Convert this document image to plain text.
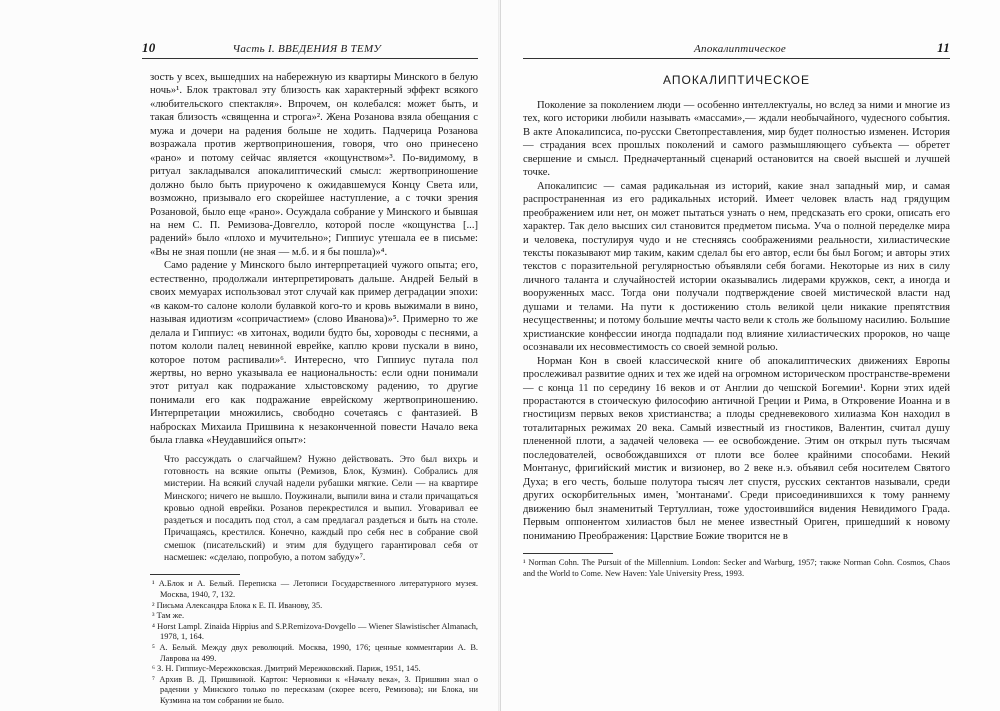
10	Часть I. ВВЕДЕНИЯ В ТЕМУ

зость у всех, вышедших на набережную из квартиры Минского в белую ночь»¹. Блок трактовал эту близость как характерный эффект всякого «любительского спектакля». Впрочем, он колебался: может быть, и такая близость «священна и строга»². Жена Розанова взяла обещания с мужа и дочери на радения больше не ходить. Падчерица Розанова возражала против жертвоприношения, говоря, что оно принесено «рано» и потому сейчас является «кощунством»³. По-видимому, в ритуал закладывался апокалиптический смысл: жертвоприношение должно было быть приурочено к ожидавшемуся Концу Света или, возможно, призывало его скорейшее наступление, а с точки зрения Розановой, было еще «рано». Осуждала собрание у Минского и бывшая на нем С. П. Ремизова-Довгелло, которой после «кощунства [...] радений» было «плохо и мучительно»; Гиппиус утешала ее в письме: «Вы не зная пошли (не зная — м.б. и я бы пошла)»⁴.

Само радение у Минского было интерпретацией чужого опыта; его, естественно, продолжали интерпретировать дальше. Андрей Белый в своих мемуарах использовал этот случай как пример деградации эпохи: «в каком-то салоне кололи булавкой кого-то и кровь выжимали в вино, называя идиотизм «сопричастием» (слово Иванова)»⁵. Примерно то же делала и Гиппиус: «в хитонах, водили будто бы, хороводы с песнями, а потом кололи палец невинной еврейке, каплю крови пускали в вино, которое потом распивали»⁶. Интересно, что Гиппиус путала пол жертвы, но верно указывала ее национальность: если одни понимали этот ритуал как подражание хлыстовскому радению, то другие понимали его как подражание еврейскому жертвоприношению. Интерпретации множились, свободно сочетаясь с фантазией. В набросках Михаила Пришвина к незаконченной повести Начало века была главка «Неудавшийся опыт»:

Что рассуждать о слагчайшем? Нужно действовать. Это был вихрь и готовность на всякие опыты (Ремизов, Блок, Кузмин). Собрались для мистерии. На всякий случай надели рубашки мягкие. Сели — на квартире Минского; ничего не вышло. Поужинали, выпили вина и стали причащаться кровью одной еврейки. Розанов перекрестился и выпил. Уговаривал ее раздеться и посадить под стол, а сам предлагал раздеться и быть на столе. Причащаясь, крестился. Конечно, каждый про себя нес в собрание свой смешок (писательский) и этим для будущего гарантировал себя от насмешек: «сделаю, попробую, а потом забуду»⁷.

¹ А.Блок и А. Белый. Переписка — Летописи Государственного литературного музея. Москва, 1940, 7, 132.
² Письма Александра Блока к Е. П. Иванову, 35.
³ Там же.
⁴ Horst Lampl. Zinaida Hippius and S.P.Remizova-Dovgello — Wiener Slawistischer Almanach, 1978, 1, 164.
⁵ А. Белый. Между двух революций. Москва, 1990, 176; ценные комментарии А. В. Лаврова на 499.
⁶ З. Н. Гиппиус-Мережковская. Дмитрий Мережковский. Париж, 1951, 145.
⁷ Архив В. Д. Пришвиной. Картон: Черновики к «Началу века», 3. Пришвин знал о радении у Минского только по пересказам (скорее всего, Ремизова); ни Блока, ни Кузмина на том собрании не было.
Апокалиптическое	11
АПОКАЛИПТИЧЕСКОЕ

Поколение за поколением люди — особенно интеллектуалы, но вслед за ними и многие из тех, кого историки любили называть «массами»,— ждали необычайного, чудесного события. В акте Апокалипсиса, по-русски Светопреставления, мир будет полностью изменен. История — страдания всех прошлых поколений и самого размышляющего субъекта — обретет свершение и смысл. Предначертанный сценарий остановится на своей высшей и лучшей точке.

Апокалипсис — самая радикальная из историй, какие знал западный мир, и самая распространенная из его радикальных историй. Имеет человек власть над грядущим преображением или нет, он может пытаться узнать о нем, предсказать его сроки, описать его характер. Так дело высших сил становится предметом письма. Уча о полной переделке мира и человека, постулируя чудо и не стесняясь соображениями реальности, хилиастические тексты показывают мир таким, каким сделал бы его автор, если бы был Богом; и авторы этих текстов с поразительной регулярностью объявляли себя богами. Некоторые из них в силу личного таланта и случайностей истории оказывались лидерами кружков, сект, а иногда и вооруженных масс. Тогда они получали подтверждение своей мистической власти над душами и телами. На пути к достижению столь великой цели никакие препятствия несущественны; и потому большие мечты часто вели к столь же большому насилию. Большие христианские конфессии иногда подпадали под влияние хилиастических пророков, но чаще осознавали их несовместимость со своей земной ролью.

Норман Кон в своей классической книге об апокалиптических движениях Европы прослеживал развитие одних и тех же идей на огромном историческом пространстве-времени — с конца 11 по середину 16 веков и от Англии до чешской Богемии¹. Корни этих идей прорастаются в стоическую философию античной Греции и Рима, в Откровение Иоанна и в гностицизм первых веков христианства; а плоды средневекового хилиазма Кон находил в тоталитарных режимах 20 века. Самый известный из гностиков, Валентин, считал душу плененной плоти, а задачей человека — ее освобождение. Этим он открыл путь тысячам последователей, освобождавшихся от плоти все более крайними способами. Некий Монтанус, фригийский мистик и визионер, во 2 веке н.э. объявил себя носителем Святого Духа; в его честь, больше полутора тысяч лет спустя, русских сектантов называли, среди других оскорбительных имен, 'монтанами'. Среди присоединившихся к тому раннему движению был знаменитый Тертуллиан, тоже удостоившийся видения Невидимого Града. Первым оппонентом хилиастов был не менее известный Ориген, пришедший к новому пониманию Преображения: Царствие Божие творится не в

¹ Norman Cohn. The Pursuit of the Millennium. London: Secker and Warburg, 1957; также Norman Cohn. Cosmos, Chaos and the World to Come. New Haven: Yale University Press, 1993.
